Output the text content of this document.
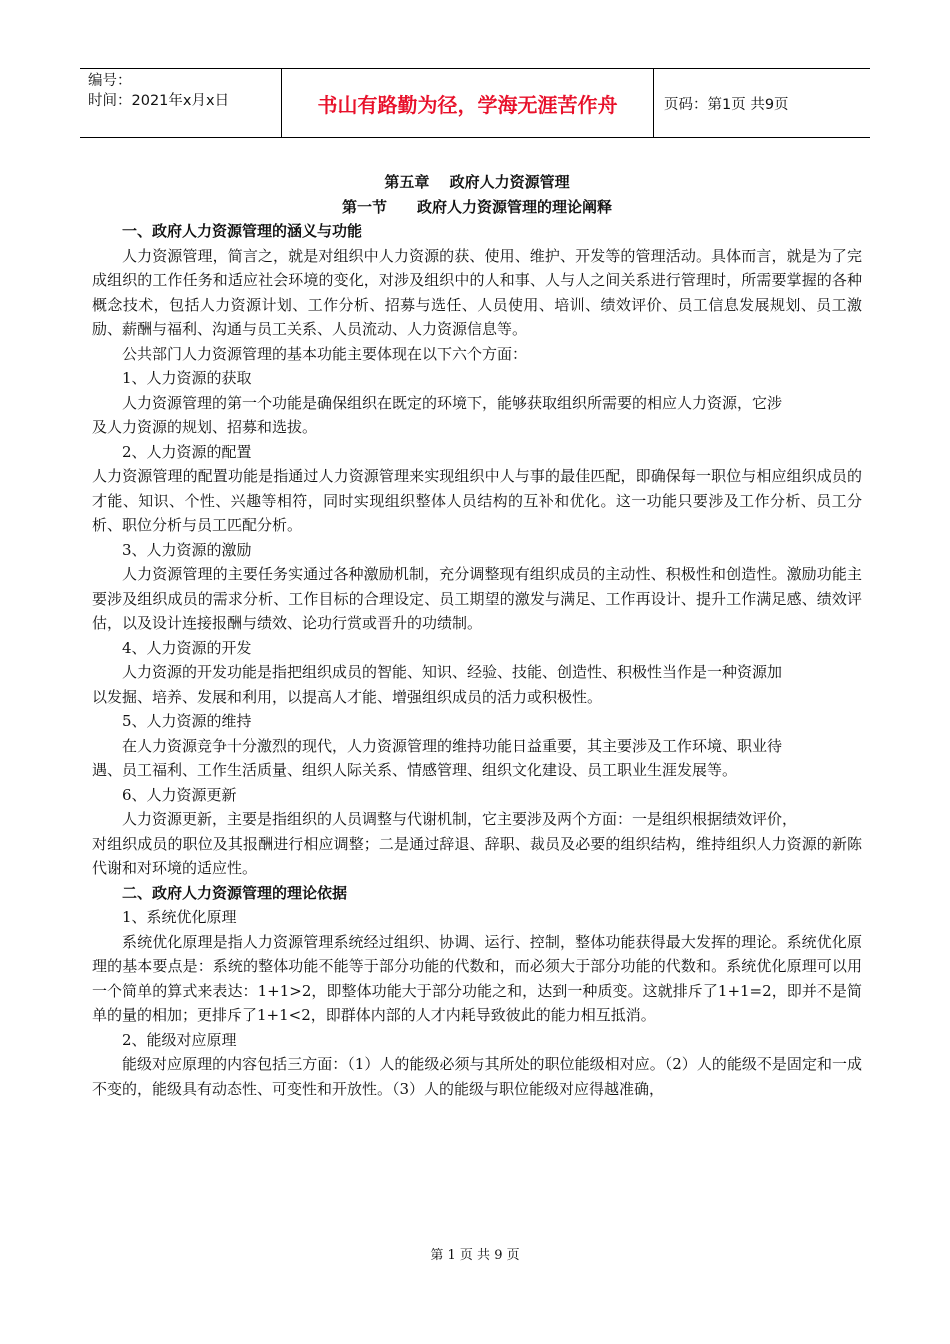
编号：
时间：2021年x月x日	书山有路勤为径，学海无涯苦作舟	页码：第1页 共9页

第五章　 政府人力资源管理

第一节　　政府人力资源管理的理论阐释

一、政府人力资源管理的涵义与功能

人力资源管理，简言之，就是对组织中人力资源的获、使用、维护、开发等的管理活动。具体而言，就是为了完成组织的工作任务和适应社会环境的变化，对涉及组织中的人和事、人与人之间关系进行管理时，所需要掌握的各种概念技术，包括人力资源计划、工作分析、招募与选任、人员使用、培训、绩效评价、员工信息发展规划、员工激励、薪酬与福利、沟通与员工关系、人员流动、人力资源信息等。

公共部门人力资源管理的基本功能主要体现在以下六个方面：

1、人力资源的获取

人力资源管理的第一个功能是确保组织在既定的环境下，能够获取组织所需要的相应人力资源，它涉

及人力资源的规划、招募和选拔。

2、人力资源的配置

人力资源管理的配置功能是指通过人力资源管理来实现组织中人与事的最佳匹配，即确保每一职位与相应组织成员的才能、知识、个性、兴趣等相符，同时实现组织整体人员结构的互补和优化。这一功能只要涉及工作分析、员工分析、职位分析与员工匹配分析。

3、人力资源的激励

人力资源管理的主要任务实通过各种激励机制，充分调整现有组织成员的主动性、积极性和创造性。激励功能主要涉及组织成员的需求分析、工作目标的合理设定、员工期望的激发与满足、工作再设计、提升工作满足感、绩效评估，以及设计连接报酬与绩效、论功行赏或晋升的功绩制。

4、人力资源的开发

人力资源的开发功能是指把组织成员的智能、知识、经验、技能、创造性、积极性当作是一种资源加

以发掘、培养、发展和利用，以提高人才能、增强组织成员的活力或积极性。

5、人力资源的维持

在人力资源竞争十分激烈的现代，人力资源管理的维持功能日益重要，其主要涉及工作环境、职业待

遇、员工福利、工作生活质量、组织人际关系、情感管理、组织文化建设、员工职业生涯发展等。

6、人力资源更新

人力资源更新，主要是指组织的人员调整与代谢机制，它主要涉及两个方面：一是组织根据绩效评价，

对组织成员的职位及其报酬进行相应调整；二是通过辞退、辞职、裁员及必要的组织结构，维持组织人力资源的新陈代谢和对环境的适应性。

二、政府人力资源管理的理论依据

1、系统优化原理

系统优化原理是指人力资源管理系统经过组织、协调、运行、控制，整体功能获得最大发挥的理论。系统优化原理的基本要点是：系统的整体功能不能等于部分功能的代数和，而必须大于部分功能的代数和。系统优化原理可以用一个简单的算式来表达：1+1>2，即整体功能大于部分功能之和，达到一种质变。这就排斥了1+1=2，即并不是简单的量的相加；更排斥了1+1<2，即群体内部的人才内耗导致彼此的能力相互抵消。

2、能级对应原理

能级对应原理的内容包括三方面：（1）人的能级必须与其所处的职位能级相对应。（2）人的能级不是固定和一成不变的，能级具有动态性、可变性和开放性。（3）人的能级与职位能级对应得越准确，

第 1 页 共 9 页
